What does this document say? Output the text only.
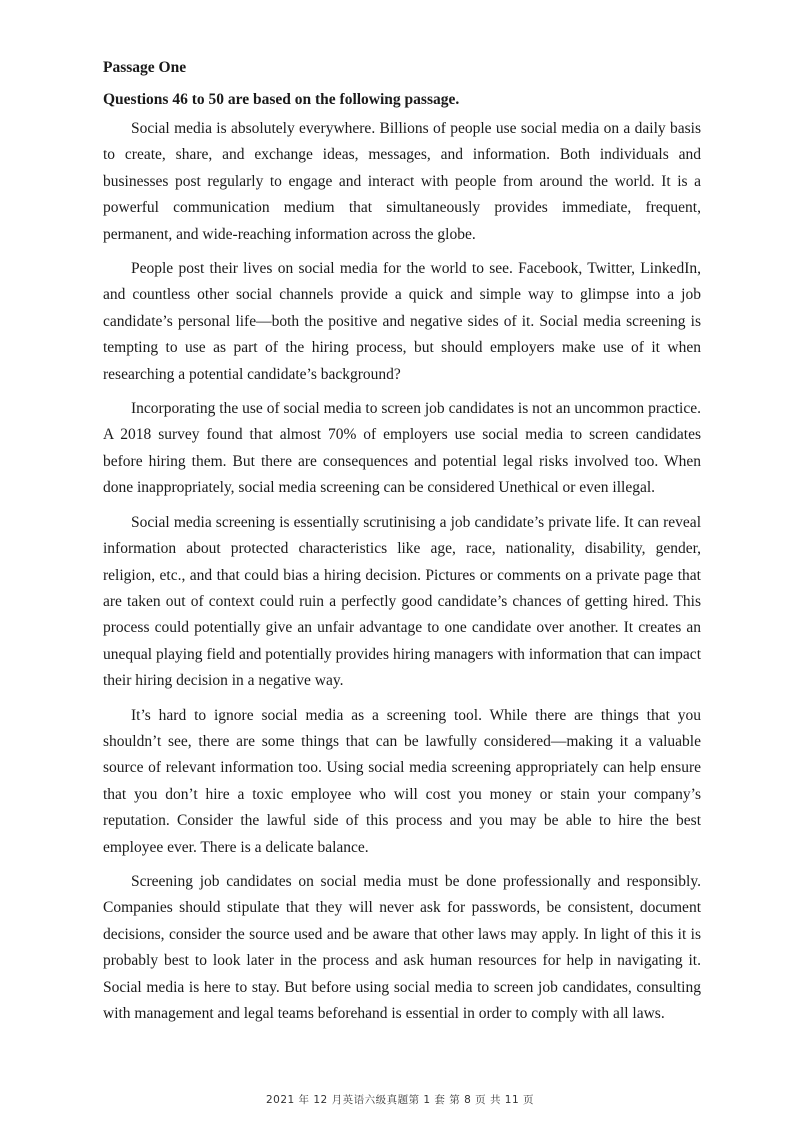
Passage One
Questions 46 to 50 are based on the following passage.

Social media is absolutely everywhere. Billions of people use social media on a daily basis to create, share, and exchange ideas, messages, and information. Both individuals and businesses post regularly to engage and interact with people from around the world. It is a powerful communication medium that simultaneously provides immediate, frequent, permanent, and wide-reaching information across the globe.

People post their lives on social media for the world to see. Facebook, Twitter, LinkedIn, and countless other social channels provide a quick and simple way to glimpse into a job candidate’s personal life—both the positive and negative sides of it. Social media screening is tempting to use as part of the hiring process, but should employers make use of it when researching a potential candidate’s background?

Incorporating the use of social media to screen job candidates is not an uncommon practice. A 2018 survey found that almost 70% of employers use social media to screen candidates before hiring them. But there are consequences and potential legal risks involved too. When done inappropriately, social media screening can be considered Unethical or even illegal.

Social media screening is essentially scrutinising a job candidate’s private life. It can reveal information about protected characteristics like age, race, nationality, disability, gender, religion, etc., and that could bias a hiring decision. Pictures or comments on a private page that are taken out of context could ruin a perfectly good candidate’s chances of getting hired. This process could potentially give an unfair advantage to one candidate over another. It creates an unequal playing field and potentially provides hiring managers with information that can impact their hiring decision in a negative way.

It’s hard to ignore social media as a screening tool. While there are things that you shouldn’t see, there are some things that can be lawfully considered—making it a valuable source of relevant information too. Using social media screening appropriately can help ensure that you don’t hire a toxic employee who will cost you money or stain your company’s reputation. Consider the lawful side of this process and you may be able to hire the best employee ever. There is a delicate balance.

Screening job candidates on social media must be done professionally and responsibly. Companies should stipulate that they will never ask for passwords, be consistent, document decisions, consider the source used and be aware that other laws may apply. In light of this it is probably best to look later in the process and ask human resources for help in navigating it. Social media is here to stay. But before using social media to screen job candidates, consulting with management and legal teams beforehand is essential in order to comply with all laws.

2021 年 12 月英语六级真题第 1 套 第 8 页 共 11 页
